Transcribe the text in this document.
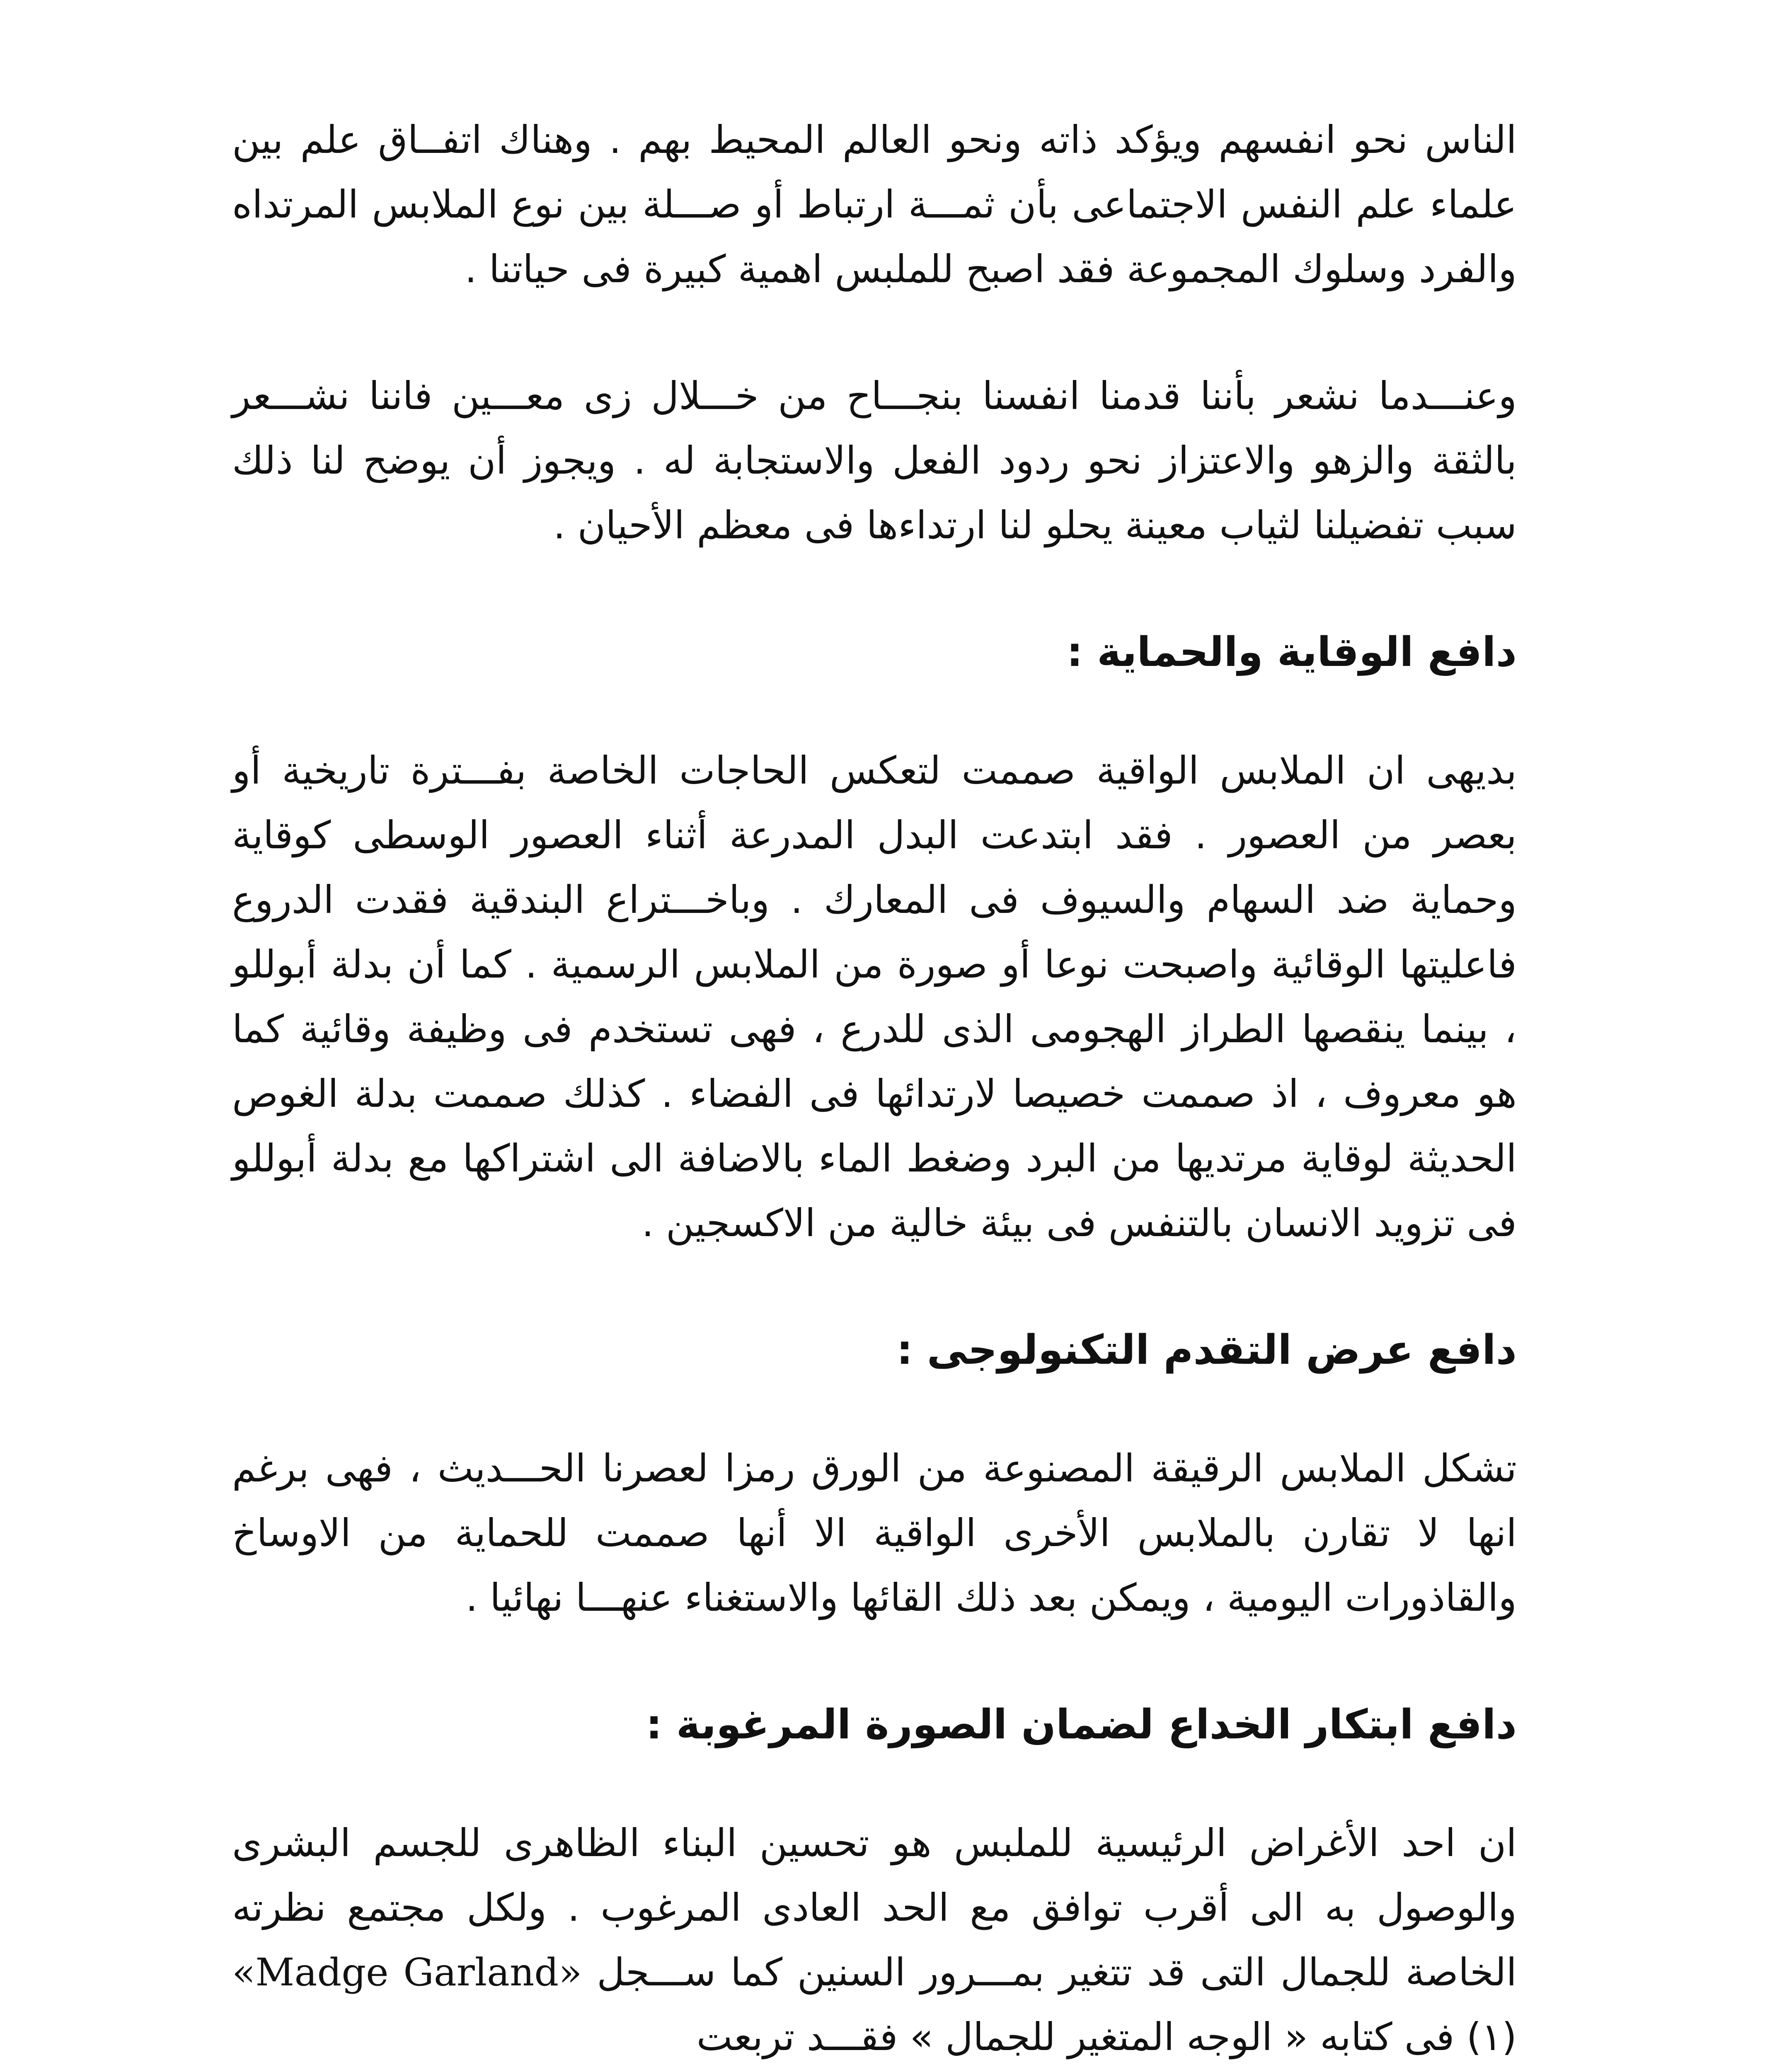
الناس نحو انفسهم ويؤكد ذاته ونحو العالم المحيط بهم . وهناك اتفــاق علم بين علماء علم النفس الاجتماعى بأن ثمـــة ارتباط أو صـــلة بين نوع الملابس المرتداه والفرد وسلوك المجموعة فقد اصبح للملبس اهمية كبيرة فى حياتنا .

وعنـــدما نشعر بأننا قدمنا انفسنا بنجـــاح من خـــلال زى معـــين فاننا نشـــعر بالثقة والزهو والاعتزاز نحو ردود الفعل والاستجابة له . ويجوز أن يوضح لنا ذلك سبب تفضيلنا لثياب معينة يحلو لنا ارتداءها فى معظم الأحيان .

دافع الوقاية والحماية :

بديهى ان الملابس الواقية صممت لتعكس الحاجات الخاصة بفـــترة تاريخية أو بعصر من العصور . فقد ابتدعت البدل المدرعة أثناء العصور الوسطى كوقاية وحماية ضد السهام والسيوف فى المعارك . وباخـــتراع البندقية فقدت الدروع فاعليتها الوقائية واصبحت نوعا أو صورة من الملابس الرسمية . كما أن بدلة أبوللو ، بينما ينقصها الطراز الهجومى الذى للدرع ، فهى تستخدم فى وظيفة وقائية كما هو معروف ، اذ صممت خصيصا لارتدائها فى الفضاء . كذلك صممت بدلة الغوص الحديثة لوقاية مرتديها من البرد وضغط الماء بالاضافة الى اشتراكها مع بدلة أبوللو فى تزويد الانسان بالتنفس فى بيئة خالية من الاكسجين .

دافع عرض التقدم التكنولوجى :

تشكل الملابس الرقيقة المصنوعة من الورق رمزا لعصرنا الحـــديث ، فهى برغم انها لا تقارن بالملابس الأخرى الواقية الا أنها صممت للحماية من الاوساخ والقاذورات اليومية ، ويمكن بعد ذلك القائها والاستغناء عنهـــا نهائيا .

دافع ابتكار الخداع لضمان الصورة المرغوبة :
ان احد الأغراض الرئيسية للملبس هو تحسين البناء الظاهرى للجسم البشرى والوصول به الى أقرب توافق مع الحد العادى المرغوب . ولكل مجتمع نظرته الخاصة للجمال التى قد تتغير بمـــرور السنين كما ســـجل «Madge Garland» (١) فى كتابه « الوجه المتغير للجمال » فقـــد تربعت
